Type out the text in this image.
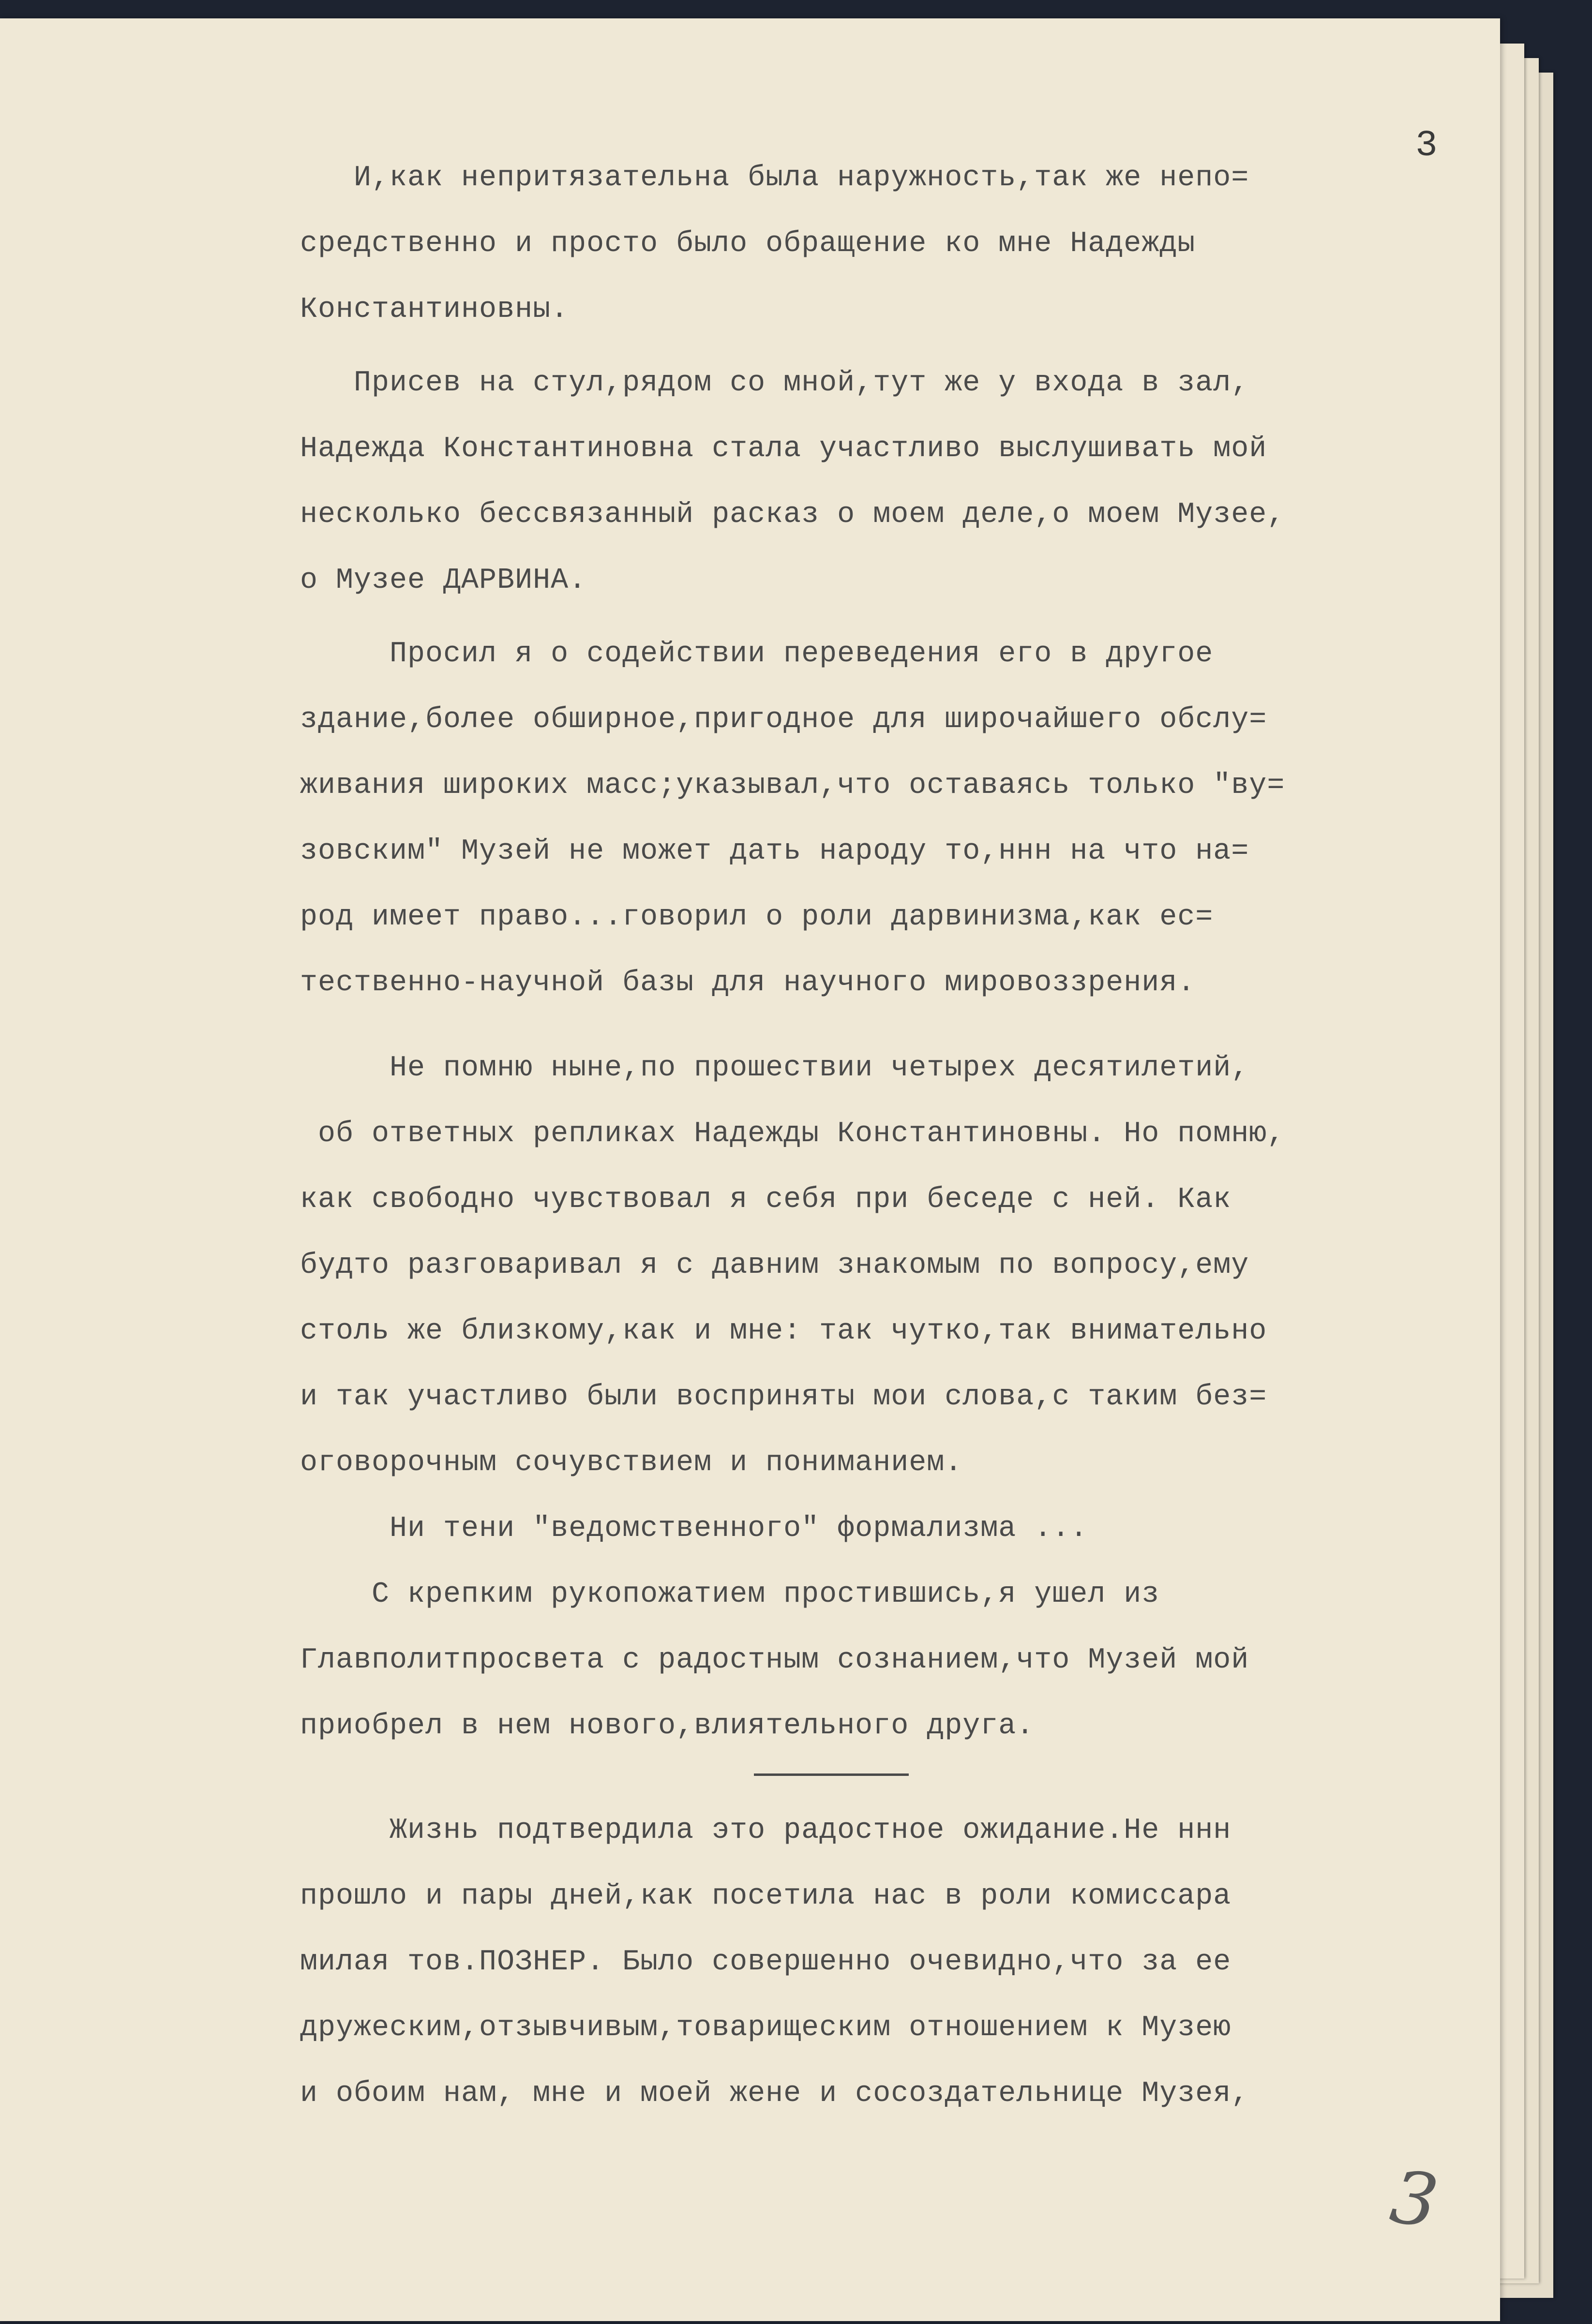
3

И,как непритязательна была наружность,так же непо=

средственно и просто было обращение ко мне Надежды

Константиновны.

Присев на стул,рядом со мной,тут же у входа в зал,

Надежда Константиновна стала участливо выслушивать мой

несколько бессвязанный расказ о моем деле,о моем Музее,

о Музее ДАРВИНА.

Просил я о содействии переведения его в другое

здание,более обширное,пригодное для широчайшего обслу=

живания широких масс;указывал,что оставаясь только "ву=

зовским" Музей не может дать народу то,ннн на что на=

род имеет право...говорил о роли дарвинизма,как ес=

тественно-научной базы для научного мировоззрения.

Не помню ныне,по прошествии четырех десятилетий,

об ответных репликах Надежды Константиновны. Но помню,

как свободно чувствовал я себя при беседе с ней. Как

будто разговаривал я с давним знакомым по вопросу,ему

столь же близкому,как и мне: так чутко,так внимательно

и так участливо были восприняты мои слова,с таким без=

оговорочным сочувствием и пониманием.

Ни тени "ведомственного" формализма ...

С крепким рукопожатием простившись,я ушел из

Главполитпросвета с радостным сознанием,что Музей мой

приобрел в нем нового,влиятельного друга.

Жизнь подтвердила это радостное ожидание.Не ннн

прошло и пары дней,как посетила нас в роли комиссара

милая тов.ПОЗНЕР. Было совершенно очевидно,что за ее

дружеским,отзывчивым,товарищеским отношением к Музею

и обоим нам, мне и моей жене и сосоздательнице Музея,

3
